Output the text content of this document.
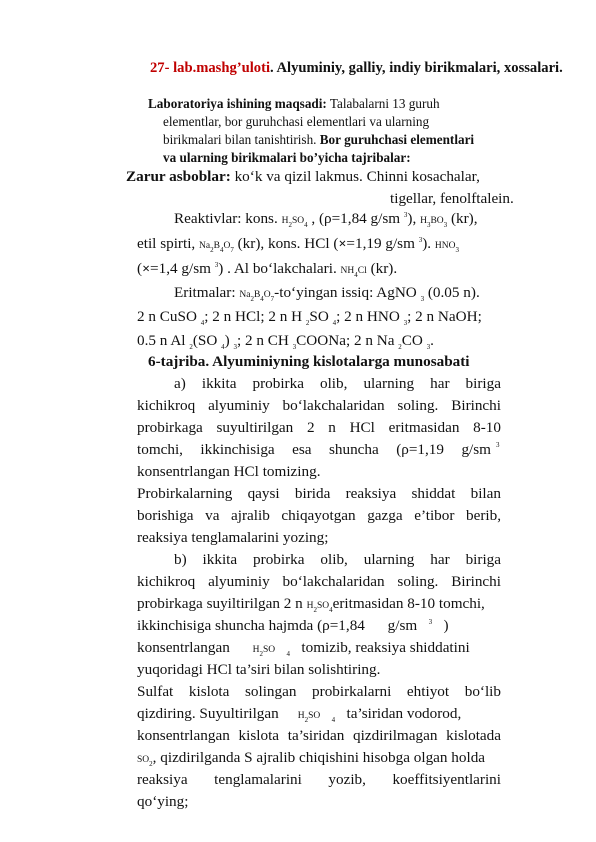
27- lab.mashg’uloti. Alyuminiy, galliy, indiy birikmalari, xossalari.
Laboratoriya ishining maqsadi: Talabalarni 13 guruh
elementlar, bor guruhchasi elementlari va ularning
birikmalari bilan tanishtirish. Bor guruhchasi elementlari
va ularning birikmalari bo’yicha tajribalar:
Zarur asboblar: ko‘k va qizil lakmus. Chinni kosachalar,
tigellar, fenolftalein.
Reaktivlar: kons. $H_2SO_4$ , (ρ=1,84 g/sm $^3$), $H_3BO_3$ (kr),
etil spirti, $Na_2B_4O_7$ (kr), kons. HCl (×=1,19 g/sm $^3$). $HNO_3$
(×=1,4 g/sm $^3$) . Al bo‘lakchalari. $NH_4Cl$ (kr).
Eritmalar: $Na_2B_4O_7-to‘yingan$ issiq: AgNO $_3$ (0.05 n).
2 n CuSO $_4$; 2 n HCl; 2 n H $_2$SO $_4$; 2 n HNO $_3$; 2 n NaOH;
0.5 n Al $_2$(SO $_4$) $_3$; 2 n CH $_3$COONa; 2 n Na $_2$CO $_3$.
6-tajriba. Alyuminiyning kislotalarga munosabati
a) ikkita probirka olib, ularning har biriga
kichikroq alyuminiy bo‘lakchalaridan soling. Birinchi
probirkaga suyultirilgan 2 n HCl eritmasidan 8-10
tomchi, ikkinchisiga esa shuncha (ρ=1,19 g/sm 3
konsentrlangan HCl tomizing.
Probirkalarning qaysi birida reaksiya shiddat bilan
borishiga va ajralib chiqayotgan gazga e’tibor berib,
reaksiya tenglamalarini yozing;
b) ikkita probirka olib, ularning har biriga
kichikroq alyuminiy bo‘lakchalaridan soling. Birinchi
probirkaga suyiltirilgan 2 n $H_2SO_4eritmasidan$ 8-10 tomchi,
ikkinchisiga shuncha hajmda (ρ=1,84 g/sm $^3$ )
konsentrlangan $H_2SO$ $_4$ tomizib, reaksiya shiddatini
yuqoridagi HCl ta’siri bilan solishtiring.
Sulfat kislota solingan probirkalarni ehtiyot bo‘lib
qizdiring. Suyultirilgan $H_2SO$ $_4$ ta’siridan vodorod,
konsentrlangan kislota ta’siridan qizdirilmagan kislotada
$SO_2$, qizdirilganda S ajralib chiqishini hisobga olgan holda
reaksiya tenglamalarini yozib, koeffitsiyentlarini
qo‘ying;
